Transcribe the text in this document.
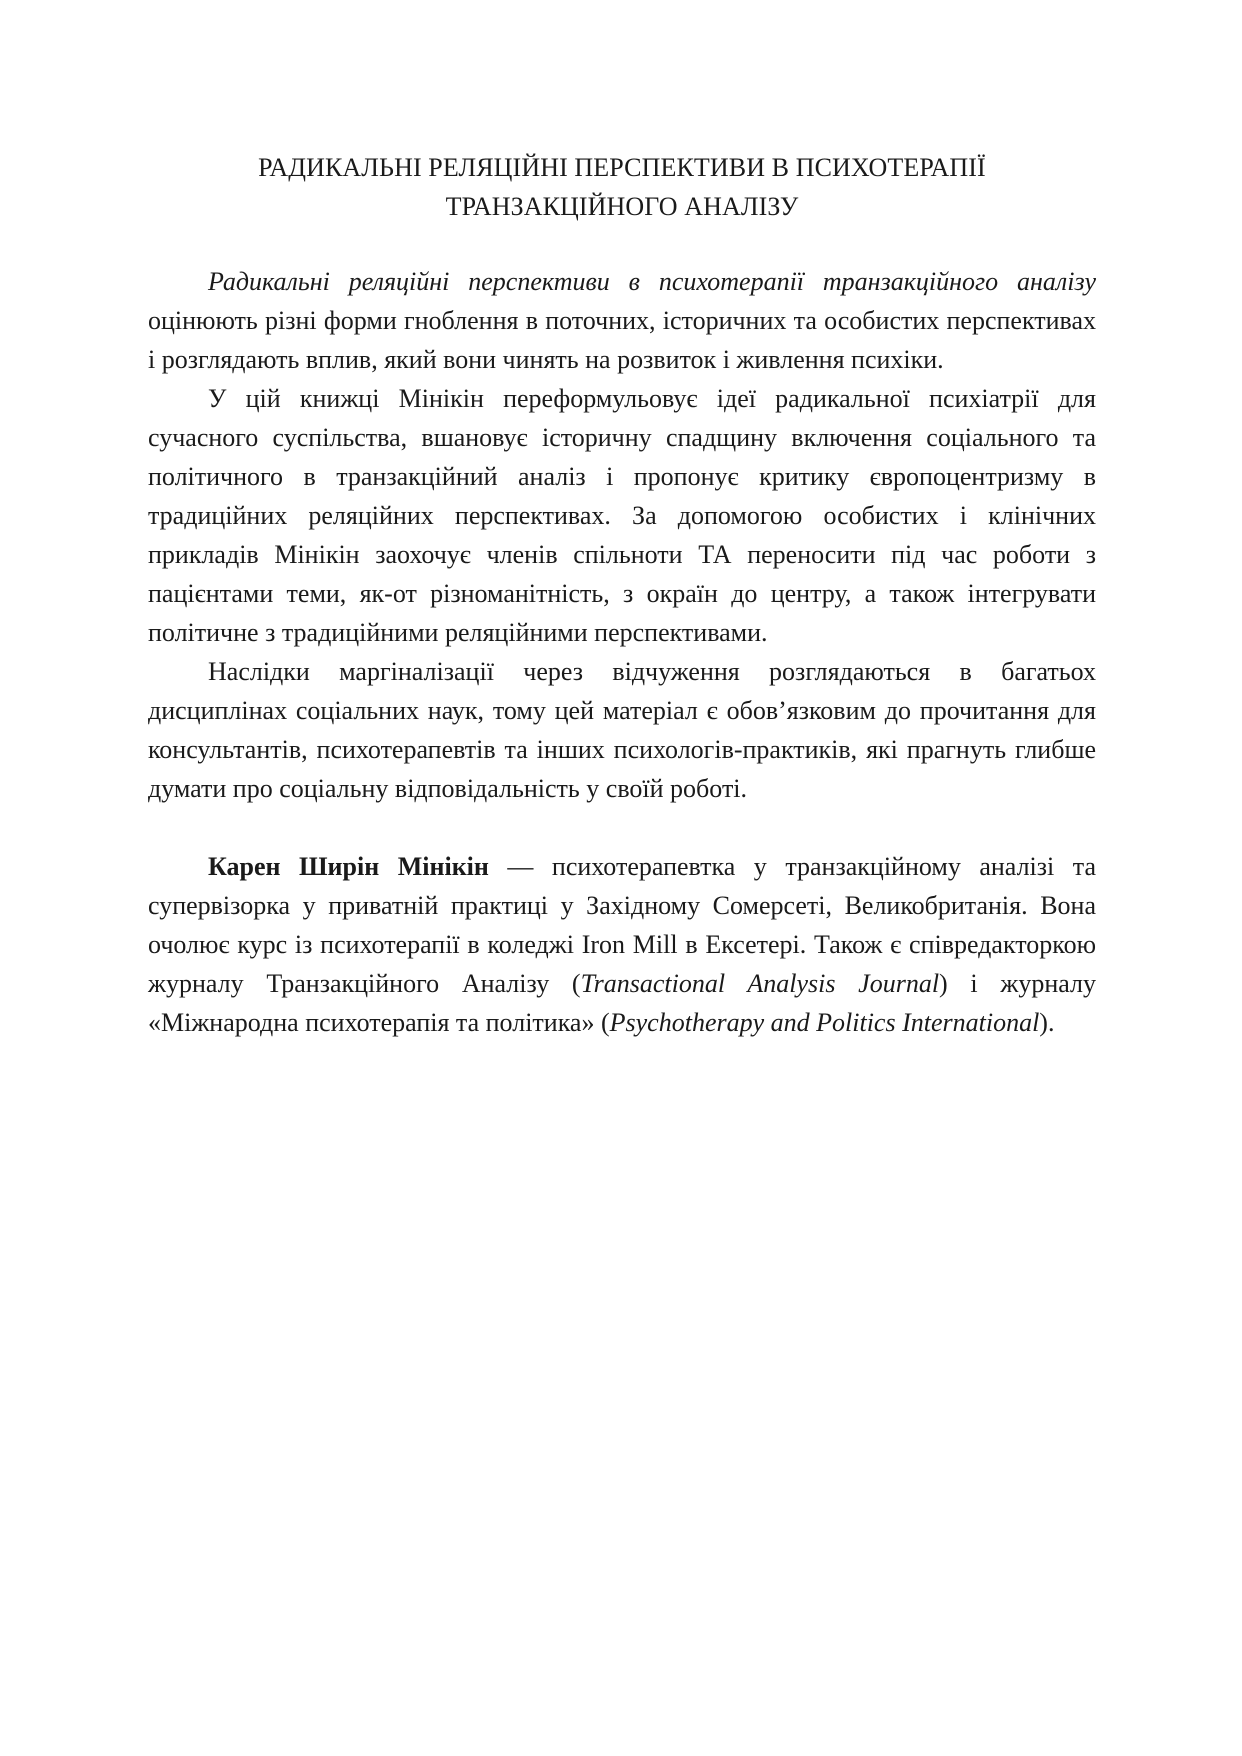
РАДИКАЛЬНІ РЕЛЯЦІЙНІ ПЕРСПЕКТИВИ В ПСИХОТЕРАПІЇ
ТРАНЗАКЦІЙНОГО АНАЛІЗУ

Радикальні реляційні перспективи в психотерапії транзакційного аналізу оцінюють різні форми гноблення в поточних, історичних та особистих перспективах і розглядають вплив, який вони чинять на розвиток і живлення психіки.

У цій книжці Мінікін переформульовує ідеї радикальної психіатрії для сучасного суспільства, вшановує історичну спадщину включення соціального та політичного в транзакційний аналіз і пропонує критику європоцентризму в традиційних реляційних перспективах. За допомогою особистих і клінічних прикладів Мінікін заохочує членів спільноти ТА переносити під час роботи з пацієнтами теми, як-от різноманітність, з окраїн до центру, а також інтегрувати політичне з традиційними реляційними перспективами.

Наслідки маргіналізації через відчуження розглядаються в багатьох дисциплінах соціальних наук, тому цей матеріал є обов’язковим до прочитання для консультантів, психотерапевтів та інших психологів-практиків, які прагнуть глибше думати про соціальну відповідальність у своїй роботі.

Карен Ширін Мінікін — психотерапевтка у транзакційному аналізі та супервізорка у приватній практиці у Західному Сомерсеті, Великобританія. Вона очолює курс із психотерапії в коледжі Iron Mill в Ексетері. Також є співредакторкою журналу Транзакційного Аналізу (Transactional Analysis Journal) і журналу «Міжнародна психотерапія та політика» (Psychotherapy and Politics International).
